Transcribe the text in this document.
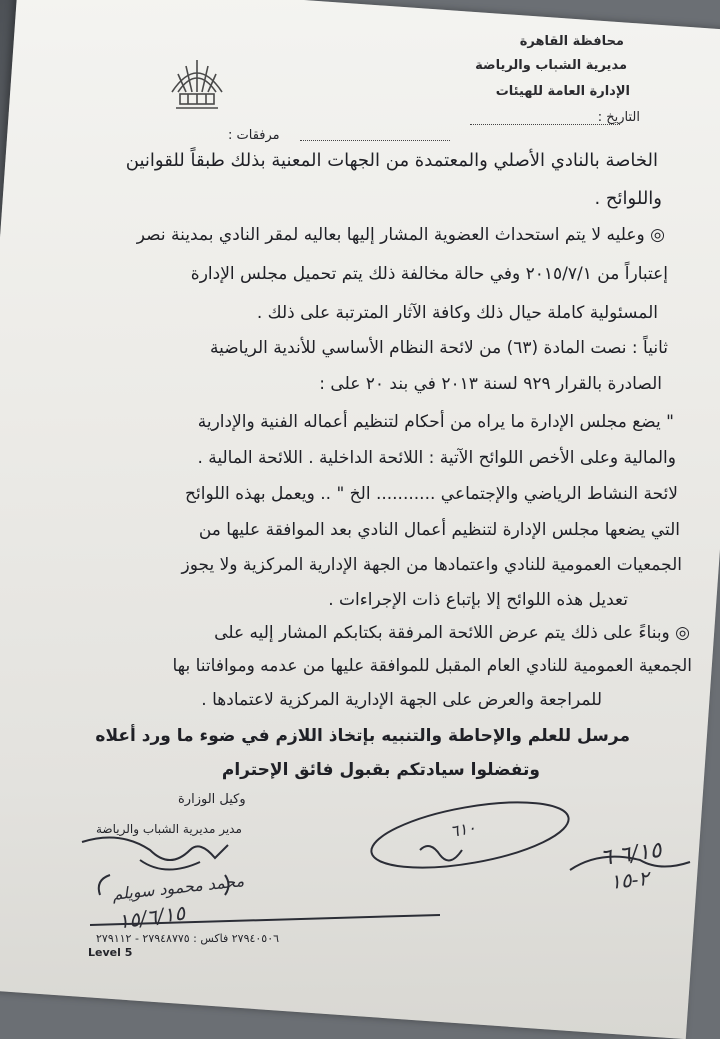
محافظة القاهرة
مديرية الشباب والرياضة
الإدارة العامة للهيئات
التاريخ :
مرفقات :
الخاصة بالنادي الأصلي والمعتمدة من الجهات المعنية بذلك طبقاً للقوانين
واللوائح .
◎ وعليه لا يتم استحداث العضوية المشار إليها بعاليه لمقر النادي بمدينة نصر
إعتباراً من ٢٠١٥/٧/١ وفي حالة مخالفة ذلك يتم تحميل مجلس الإدارة
المسئولية كاملة حيال ذلك وكافة الآثار المترتبة على ذلك .
ثانياً : نصت المادة (٦٣) من لائحة النظام الأساسي للأندية الرياضية
الصادرة بالقرار ٩٢٩ لسنة ٢٠١٣ في بند ٢٠ على :
" يضع مجلس الإدارة ما يراه من أحكام لتنظيم أعماله الفنية والإدارية
والمالية وعلى الأخص اللوائح الآتية : اللائحة الداخلية . اللائحة المالية .
لائحة النشاط الرياضي والإجتماعي ........... الخ " .. ويعمل بهذه اللوائح
التي يضعها مجلس الإدارة لتنظيم أعمال النادي بعد الموافقة عليها من
الجمعيات العمومية للنادي واعتمادها من الجهة الإدارية المركزية ولا يجوز
تعديل هذه اللوائح إلا بإتباع ذات الإجراءات .
◎ وبناءً على ذلك يتم عرض اللائحة المرفقة بكتابكم المشار إليه على
الجمعية العمومية للنادي العام المقبل للموافقة عليها من عدمه وموافاتنا بها
للمراجعة والعرض على الجهة الإدارية المركزية لاعتمادها .
مرسل للعلم والإحاطة والتنبيه بإتخاذ اللازم في ضوء ما ورد أعلاه
وتفضلوا سيادتكم بقبول فائق الإحترام
وكيل الوزارة
مدير مديرية الشباب والرياضة
محمد محمود سويلم
١٥/٦/١٥
٦١٠
٦/١٥ ٦
٢-١٥
٢٧٩٤٠٥٠٦ فاكس : ٢٧٩٤٨٧٧٥ - ٢٧٩١١٢
Level 5
